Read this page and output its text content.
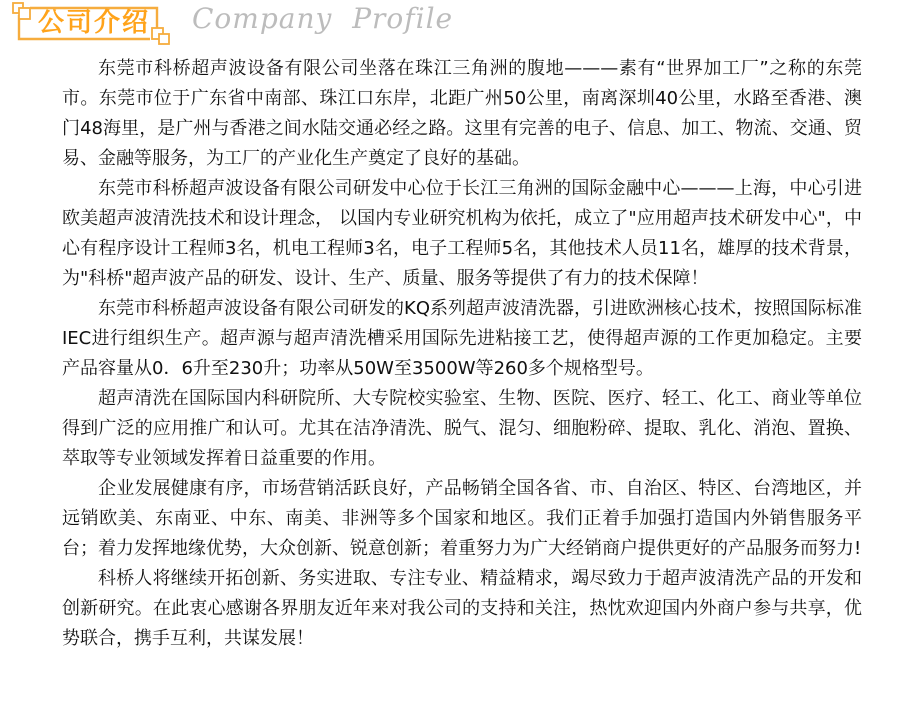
公司介绍 Company Profile

东莞市科桥超声波设备有限公司坐落在珠江三角洲的腹地———素有“世界加工厂”之称的东莞市。东莞市位于广东省中南部、珠江口东岸，北距广州50公里，南离深圳40公里，水路至香港、澳门48海里，是广州与香港之间水陆交通必经之路。这里有完善的电子、信息、加工、物流、交通、贸易、金融等服务，为工厂的产业化生产奠定了良好的基础。

东莞市科桥超声波设备有限公司研发中心位于长江三角洲的国际金融中心———上海，中心引进欧美超声波清洗技术和设计理念， 以国内专业研究机构为依托，成立了"应用超声技术研发中心"，中心有程序设计工程师3名，机电工程师3名，电子工程师5名，其他技术人员11名，雄厚的技术背景，为"科桥"超声波产品的研发、设计、生产、质量、服务等提供了有力的技术保障！

东莞市科桥超声波设备有限公司研发的KQ系列超声波清洗器，引进欧洲核心技术，按照国际标准IEC进行组织生产。超声源与超声清洗槽采用国际先进粘接工艺，使得超声源的工作更加稳定。主要产品容量从0．6升至230升；功率从50W至3500W等260多个规格型号。

超声清洗在国际国内科研院所、大专院校实验室、生物、医院、医疗、轻工、化工、商业等单位得到广泛的应用推广和认可。尤其在洁净清洗、脱气、混匀、细胞粉碎、提取、乳化、消泡、置换、萃取等专业领域发挥着日益重要的作用。

企业发展健康有序，市场营销活跃良好，产品畅销全国各省、市、自治区、特区、台湾地区，并远销欧美、东南亚、中东、南美、非洲等多个国家和地区。我们正着手加强打造国内外销售服务平台；着力发挥地缘优势，大众创新、锐意创新；着重努力为广大经销商户提供更好的产品服务而努力!

科桥人将继续开拓创新、务实进取、专注专业、精益精求，竭尽致力于超声波清洗产品的开发和创新研究。在此衷心感谢各界朋友近年来对我公司的支持和关注，热忱欢迎国内外商户参与共享，优势联合，携手互利，共谋发展！
